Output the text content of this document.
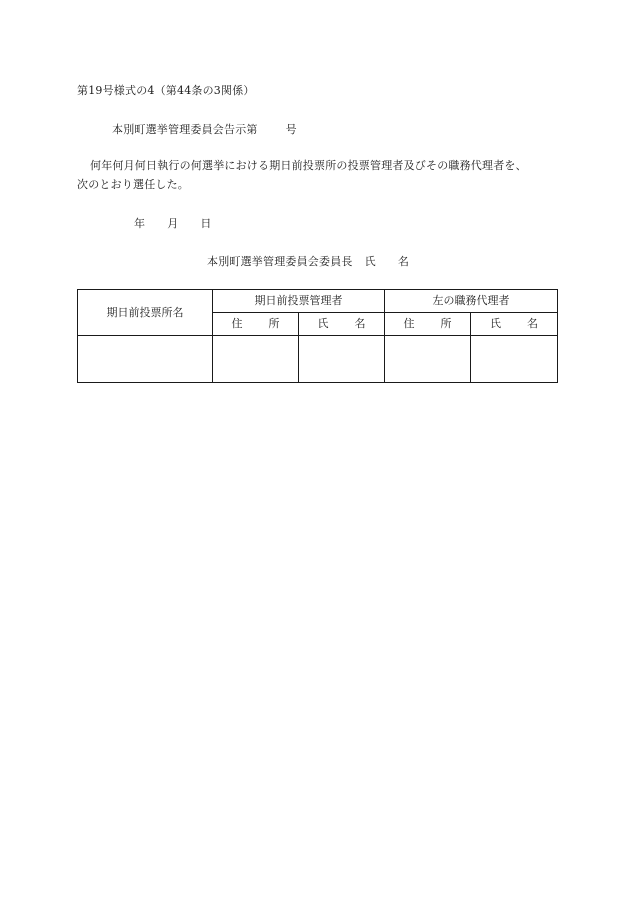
第19号様式の4（第44条の3関係）
本別町選挙管理委員会告示第	号
何年何月何日執行の何選挙における期日前投票所の投票管理者及びその職務代理者を、
次のとおり選任した。
年 月 日
本別町選挙管理委員会委員長 氏 名
期日前投票所名	期日前投票管理者		左の職務代理者	

	住 所	氏 名	住 所	氏 名
